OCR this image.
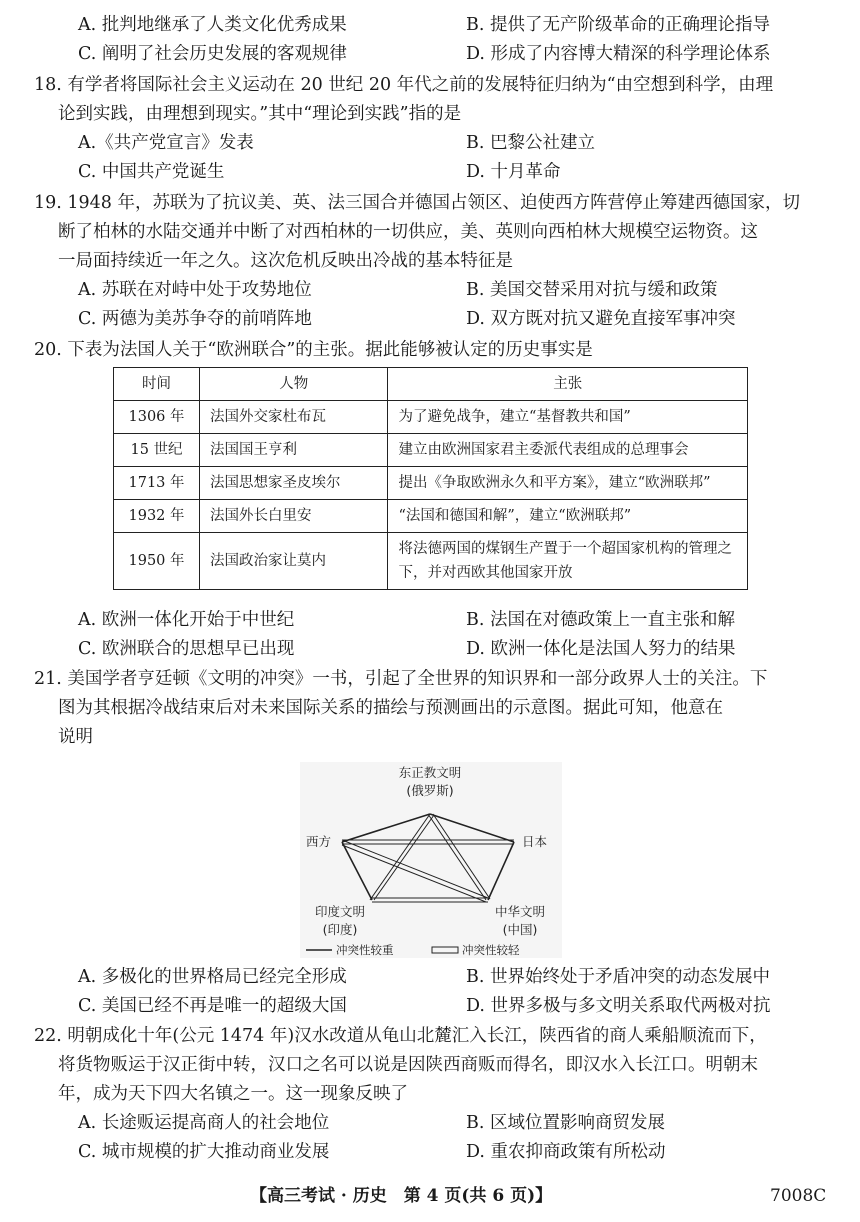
A. 批判地继承了人类文化优秀成果	B. 提供了无产阶级革命的正确理论指导
C. 阐明了社会历史发展的客观规律	D. 形成了内容博大精深的科学理论体系
18. 有学者将国际社会主义运动在 20 世纪 20 年代之前的发展特征归纳为“由空想到科学，由理
论到实践，由理想到现实。”其中“理论到实践”指的是
A.《共产党宣言》发表	B. 巴黎公社建立
C. 中国共产党诞生	D. 十月革命
19. 1948 年，苏联为了抗议美、英、法三国合并德国占领区、迫使西方阵营停止筹建西德国家，切
断了柏林的水陆交通并中断了对西柏林的一切供应，美、英则向西柏林大规模空运物资。这
一局面持续近一年之久。这次危机反映出冷战的基本特征是
A. 苏联在对峙中处于攻势地位	B. 美国交替采用对抗与缓和政策
C. 两德为美苏争夺的前哨阵地	D. 双方既对抗又避免直接军事冲突
20. 下表为法国人关于“欧洲联合”的主张。据此能够被认定的历史事实是
时间	人物	主张
1306 年	法国外交家杜布瓦	为了避免战争，建立“基督教共和国”
15 世纪	法国国王亨利	建立由欧洲国家君主委派代表组成的总理事会
1713 年	法国思想家圣皮埃尔	提出《争取欧洲永久和平方案》，建立“欧洲联邦”
1932 年	法国外长白里安	“法国和德国和解”，建立“欧洲联邦”
1950 年	法国政治家让莫内	将法德两国的煤钢生产置于一个超国家机构的管理之下，并对西欧其他国家开放
A. 欧洲一体化开始于中世纪	B. 法国在对德政策上一直主张和解
C. 欧洲联合的思想早已出现	D. 欧洲一体化是法国人努力的结果
21. 美国学者亨廷顿《文明的冲突》一书，引起了全世界的知识界和一部分政界人士的关注。下
图为其根据冷战结束后对未来国际关系的描绘与预测画出的示意图。据此可知，他意在
说明
东正教文明
(俄罗斯)
西方	日本
印度文明
(印度)
中华文明
(中国)
冲突性较重	冲突性较轻
A. 多极化的世界格局已经完全形成	B. 世界始终处于矛盾冲突的动态发展中
C. 美国已经不再是唯一的超级大国	D. 世界多极与多文明关系取代两极对抗
22. 明朝成化十年(公元 1474 年)汉水改道从龟山北麓汇入长江，陕西省的商人乘船顺流而下，
将货物贩运于汉正街中转，汉口之名可以说是因陕西商贩而得名，即汉水入长江口。明朝末
年，成为天下四大名镇之一。这一现象反映了
A. 长途贩运提高商人的社会地位	B. 区域位置影响商贸发展
C. 城市规模的扩大推动商业发展	D. 重农抑商政策有所松动
【高三考试 · 历史　第 4 页(共 6 页)】	7008C
